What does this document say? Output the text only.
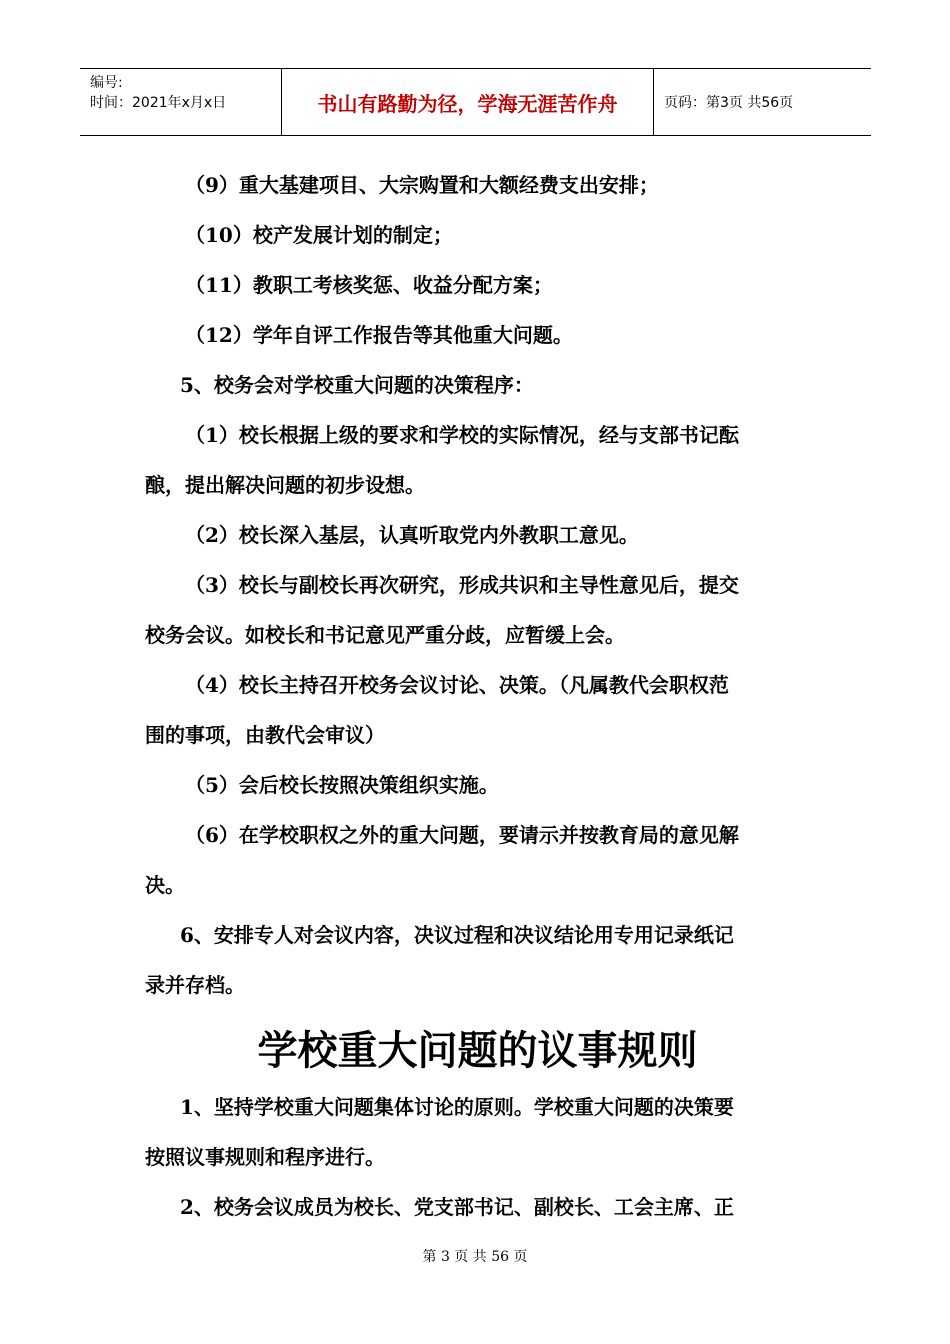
编号:
时间：2021年x月x日	书山有路勤为径，学海无涯苦作舟	页码：第3页 共56页

（9）重大基建项目、大宗购置和大额经费支出安排；

（10）校产发展计划的制定；

（11）教职工考核奖惩、收益分配方案；

（12）学年自评工作报告等其他重大问题。

5、校务会对学校重大问题的决策程序：

（1）校长根据上级的要求和学校的实际情况，经与支部书记酝

酿，提出解决问题的初步设想。

（2）校长深入基层，认真听取党内外教职工意见。

（3）校长与副校长再次研究，形成共识和主导性意见后，提交

校务会议。如校长和书记意见严重分歧，应暂缓上会。

（4）校长主持召开校务会议讨论、决策。（凡属教代会职权范

围的事项，由教代会审议）

（5）会后校长按照决策组织实施。

（6）在学校职权之外的重大问题，要请示并按教育局的意见解

决。

6、安排专人对会议内容，决议过程和决议结论用专用记录纸记

录并存档。

学校重大问题的议事规则

1、坚持学校重大问题集体讨论的原则。学校重大问题的决策要

按照议事规则和程序进行。

2、校务会议成员为校长、党支部书记、副校长、工会主席、正

第 3 页 共 56 页
